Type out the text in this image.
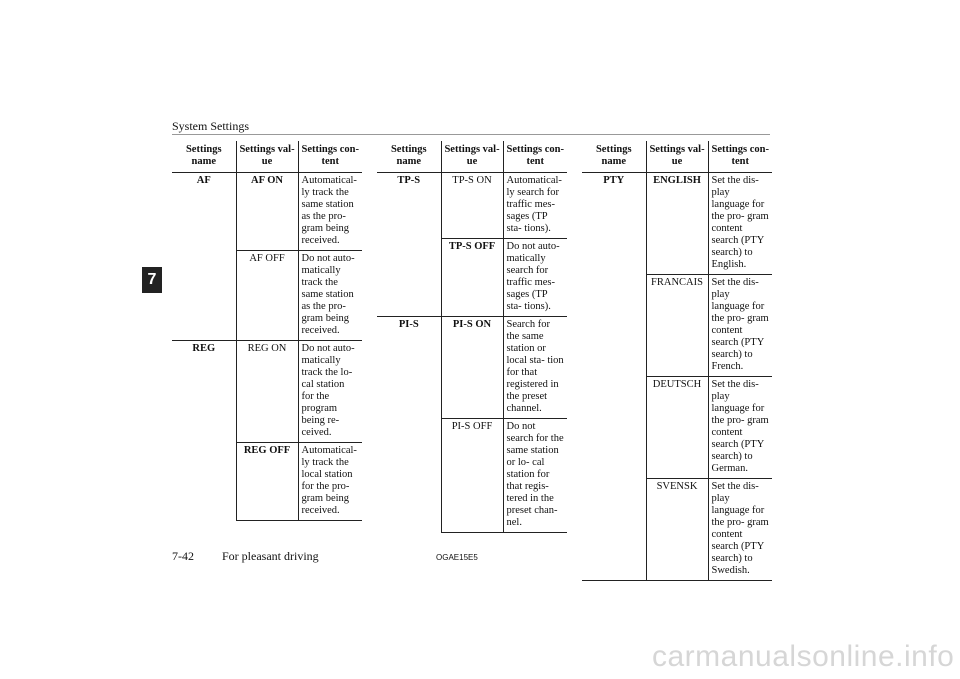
System Settings
7
Settings name	Settings val- ue	Settings con- tent
AF	AF ON	Automatical- ly track the same station as the pro- gram being received.
	AF OFF	Do not auto- matically track the same station as the pro- gram being received.
REG	REG ON	Do not auto- matically track the lo- cal station for the program being re- ceived.
	REG OFF	Automatical- ly track the local station for the pro- gram being received.
Settings name	Settings val- ue	Settings con- tent
TP-S	TP-S ON	Automatical- ly search for traffic mes- sages (TP sta- tions).
	TP-S OFF	Do not auto- matically search for traffic mes- sages (TP sta- tions).
PI-S	PI-S ON	Search for the same station or local sta- tion for that registered in the preset channel.
	PI-S OFF	Do not search for the same station or lo- cal station for that regis- tered in the preset chan- nel.
Settings name	Settings val- ue	Settings con- tent
PTY	ENGLISH	Set the dis- play language for the pro- gram content search (PTY search) to English.
	FRANCAIS	Set the dis- play language for the pro- gram content search (PTY search) to French.
	DEUTSCH	Set the dis- play language for the pro- gram content search (PTY search) to German.
	SVENSK	Set the dis- play language for the pro- gram content search (PTY search) to Swedish.
7-42 For pleasant driving	OGAE15E5
carmanualsonline.info
